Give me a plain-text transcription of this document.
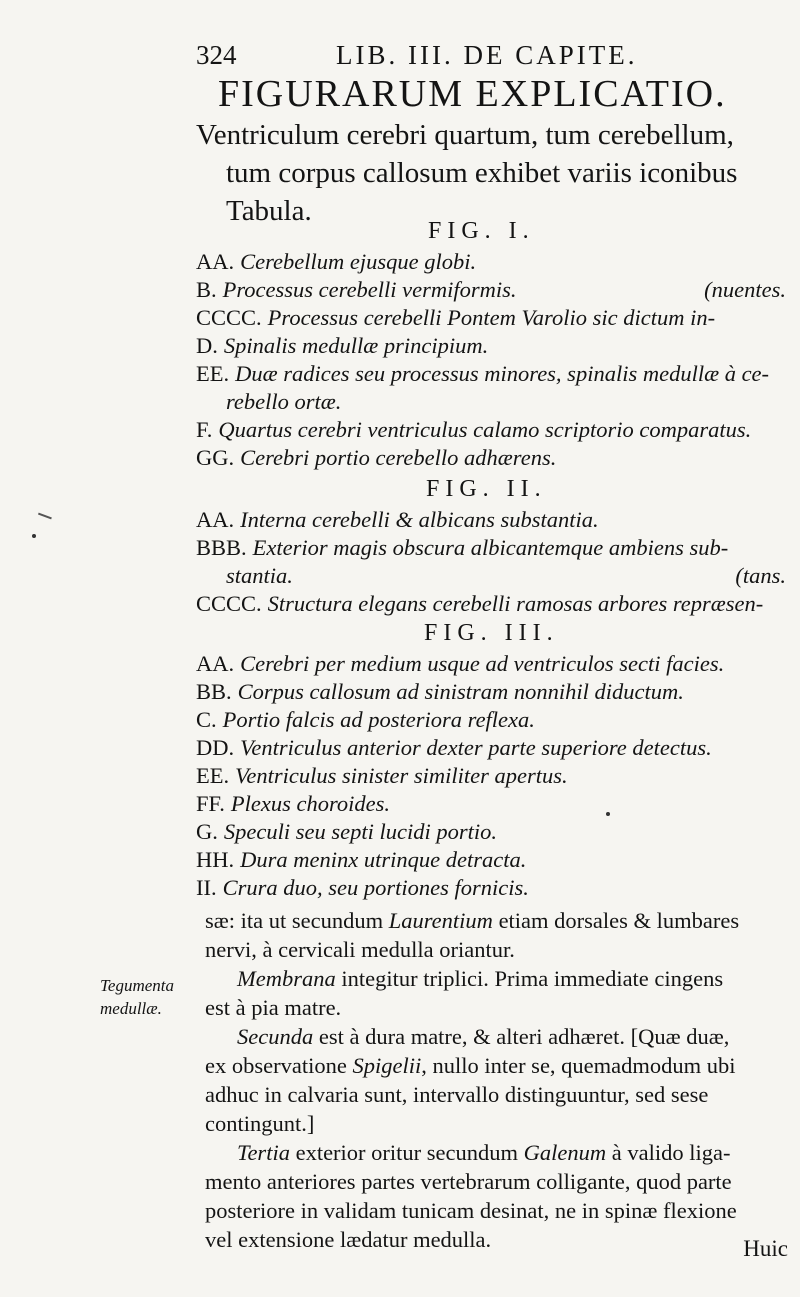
324	LIB. III. DE CAPITE.
FIGURARUM EXPLICATIO.
Ventriculum cerebri quartum, tum cerebellum,
tum corpus callosum exhibet variis iconibus
Tabula.
FIG. I.
AA. Cerebellum ejusque globi.
B. Processus cerebelli vermiformis.	(nuentes.
CCCC. Processus cerebelli Pontem Varolio sic dictum in-
D. Spinalis medullæ principium.
EE. Duæ radices seu processus minores, spinalis medullæ à ce-
rebello ortæ.
F. Quartus cerebri ventriculus calamo scriptorio comparatus.
GG. Cerebri portio cerebello adhærens.
FIG. II.
AA. Interna cerebelli & albicans substantia.
BBB. Exterior magis obscura albicantemque ambiens sub-
stantia.	(tans.
CCCC. Structura elegans cerebelli ramosas arbores repræsen-
FIG. III.
AA. Cerebri per medium usque ad ventriculos secti facies.
BB. Corpus callosum ad sinistram nonnihil diductum.
C. Portio falcis ad posteriora reflexa.
DD. Ventriculus anterior dexter parte superiore detectus.
EE. Ventriculus sinister similiter apertus.
FF. Plexus choroides.
G. Speculi seu septi lucidi portio.
HH. Dura meninx utrinque detracta.
II. Crura duo, seu portiones fornicis.

sæ: ita ut secundum Laurentium etiam dorsales & lumbares

nervi, à cervicali medulla oriantur.

Membrana integitur triplici. Prima immediate cingens

est à pia matre.

Secunda est à dura matre, & alteri adhæret. [Quæ duæ,

ex observatione Spigelii, nullo inter se, quemadmodum ubi

adhuc in calvaria sunt, intervallo distinguuntur, sed sese

contingunt.]

Tertia exterior oritur secundum Galenum à valido liga-

mento anteriores partes vertebrarum colligante, quod parte

posteriore in validam tunicam desinat, ne in spinæ flexione

vel extensione lædatur medulla.

Tegumenta
medullæ.
Huic
